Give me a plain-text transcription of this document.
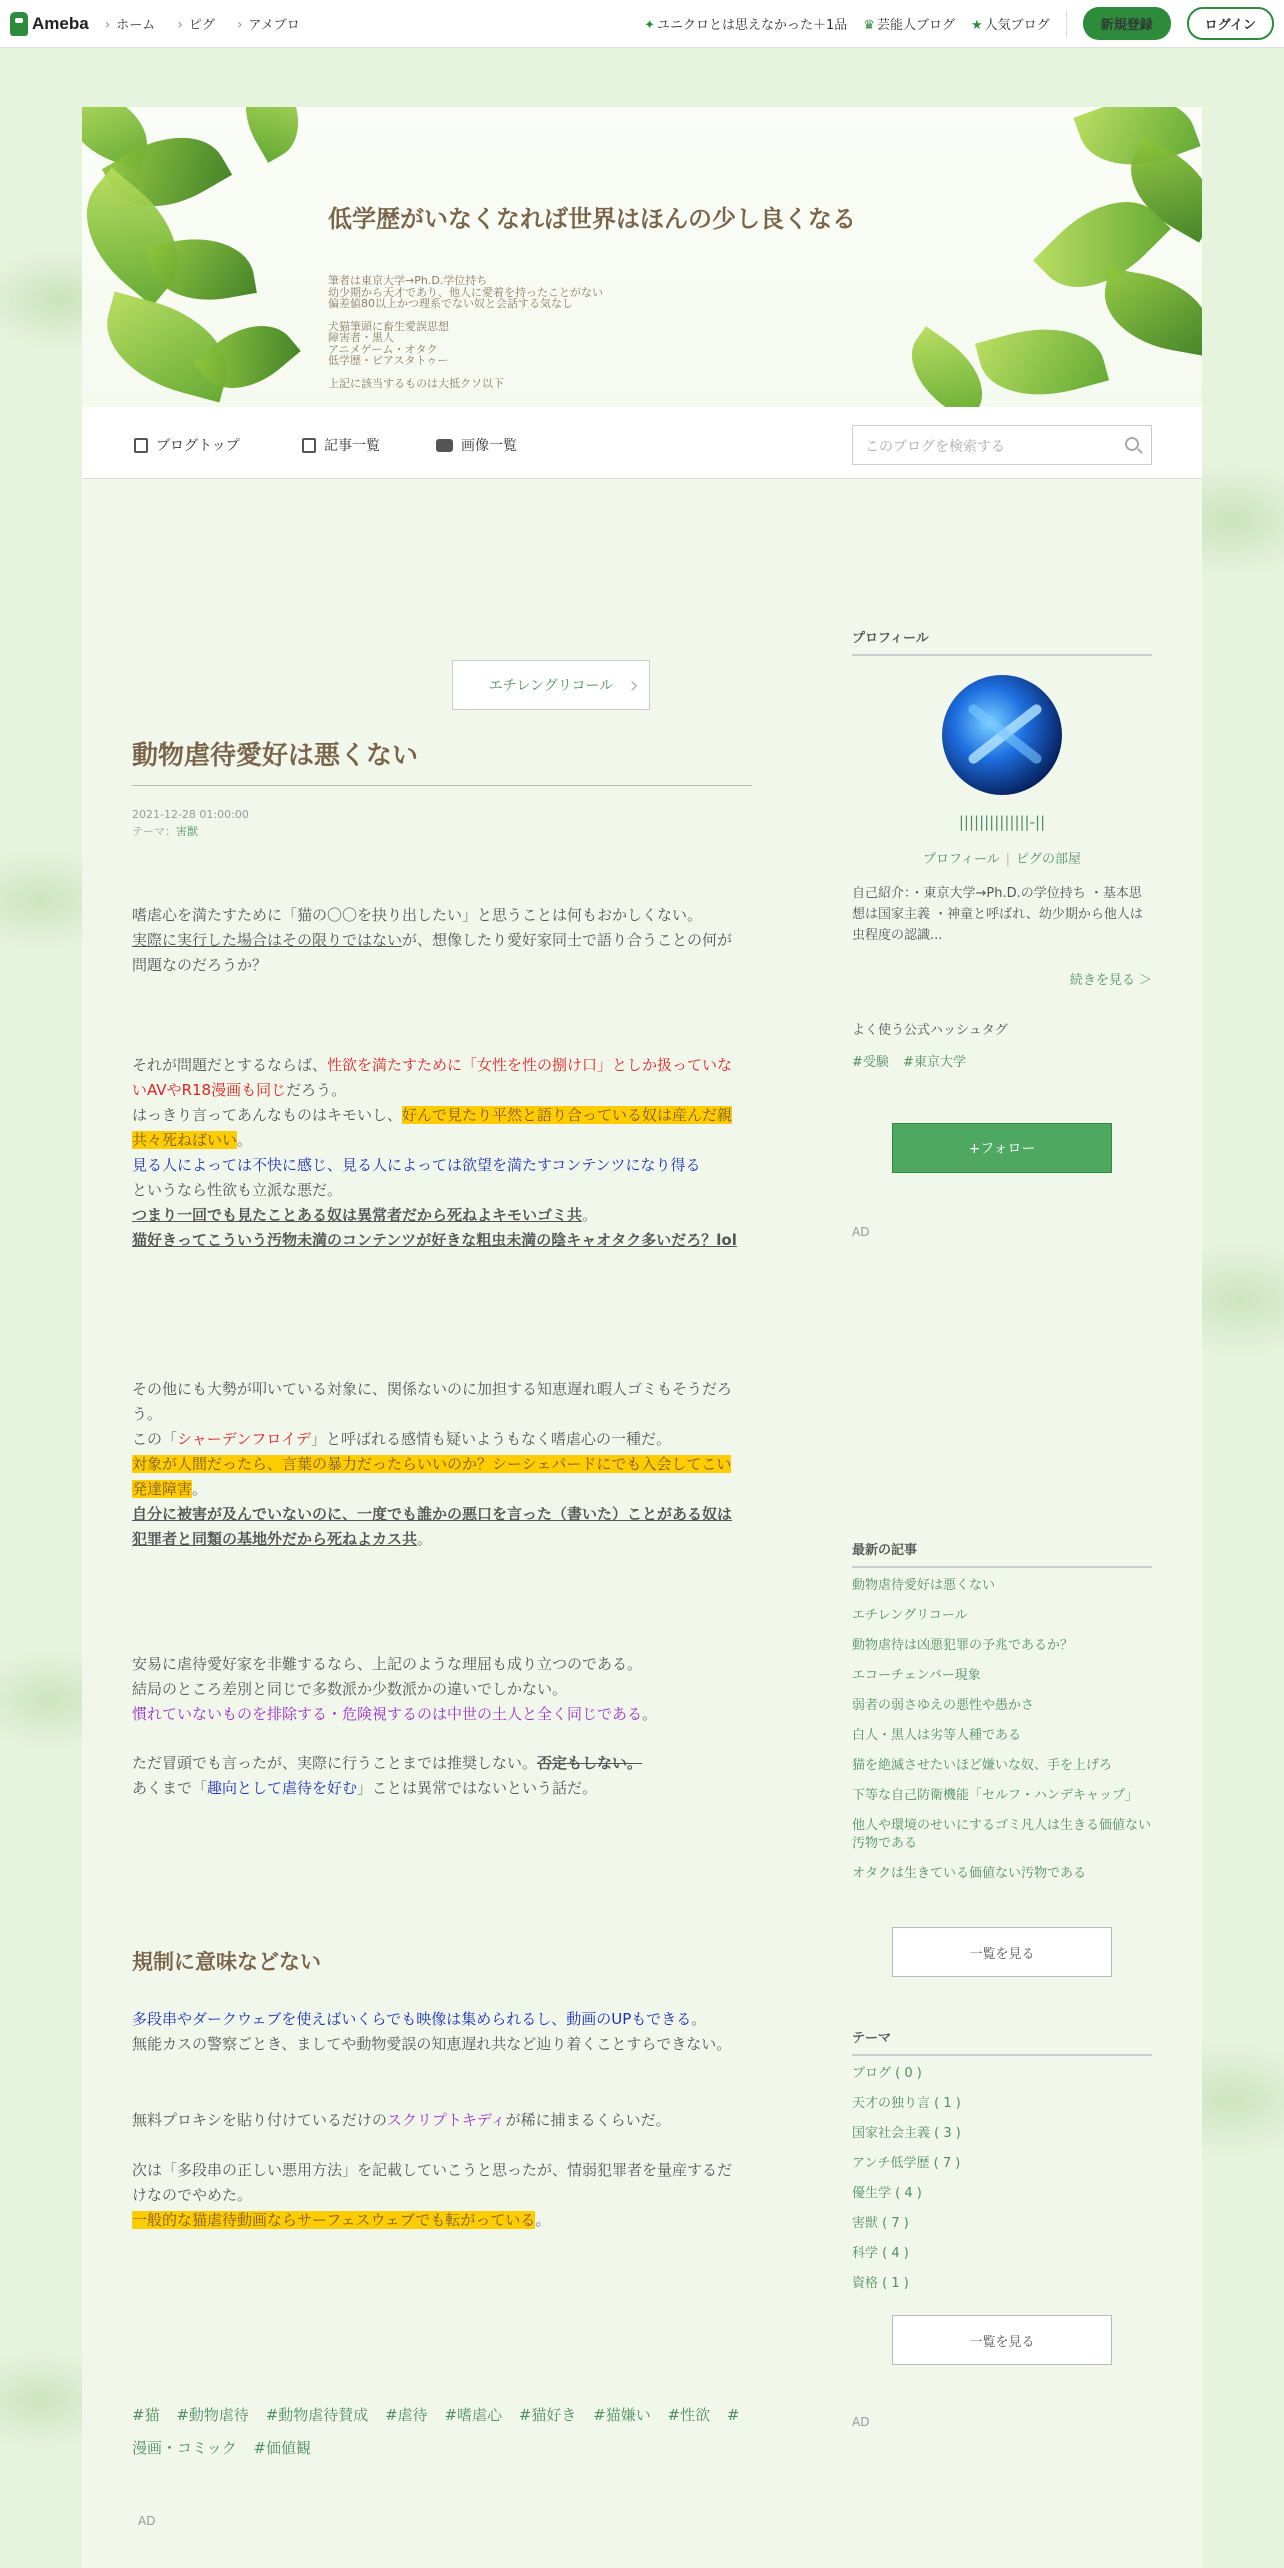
Ameba	› ホーム	› ピグ	› アメブロ	✦ ユニクロとは思えなかった＋1品 ♛ 芸能人ブログ ★ 人気ブログ	新規登録	ログイン
低学歴がいなくなれば世界はほんの少し良くなる

筆者は東京大学→Ph.D.学位持ち

幼少期から天才であり、他人に愛着を持ったことがない

偏差値80以上かつ理系でない奴と会話する気なし

犬猫筆頭に畜生愛誤思想

障害者・黒人

アニメゲーム・オタク

低学歴・ピアスタトゥー

上記に該当するものは大抵クソ以下

ブログトップ	記事一覧	画像一覧	このブログを検索する
エチレングリコール ›
動物虐待愛好は悪くない
2021-12-28 01:00:00
テーマ：害獣
嗜虐心を満たすために「猫の〇〇を抉り出したい」と思うことは何もおかしくない。
実際に実行した場合はその限りではないが、想像したり愛好家同士で語り合うことの何が問題なのだろうか？
それが問題だとするならば、性欲を満たすために「女性を性の捌け口」としか扱っていないAVやR18漫画も同じだろう。
はっきり言ってあんなものはキモいし、好んで見たり平然と語り合っている奴は産んだ親共々死ねばいい。
見る人によっては不快に感じ、見る人によっては欲望を満たすコンテンツになり得る
というなら性欲も立派な悪だ。
つまり一回でも見たことある奴は異常者だから死ねよキモいゴミ共。
猫好きってこういう汚物未満のコンテンツが好きな粗虫未満の陰キャオタク多いだろ？lol
その他にも大勢が叩いている対象に、関係ないのに加担する知恵遅れ暇人ゴミもそうだろう。
この「シャーデンフロイデ」と呼ばれる感情も疑いようもなく嗜虐心の一種だ。
対象が人間だったら、言葉の暴力だったらいいのか？シーシェパードにでも入会してこい発達障害。
自分に被害が及んでいないのに、一度でも誰かの悪口を言った（書いた）ことがある奴は犯罪者と同類の基地外だから死ねよカス共。
安易に虐待愛好家を非難するなら、上記のような理屈も成り立つのである。
結局のところ差別と同じで多数派か少数派かの違いでしかない。
慣れていないものを排除する・危険視するのは中世の土人と全く同じである。
ただ冒頭でも言ったが、実際に行うことまでは推奨しない。否定もしない。
あくまで「趣向として虐待を好む」ことは異常ではないという話だ。
規制に意味などない
多段串やダークウェブを使えばいくらでも映像は集められるし、動画のUPもできる。
無能カスの警察ごとき、ましてや動物愛誤の知恵遅れ共など辿り着くことすらできない。
無料プロキシを貼り付けているだけのスクリプトキディが稀に捕まるくらいだ。
次は「多段串の正しい悪用方法」を記載していこうと思ったが、情弱犯罪者を量産するだけなのでやめた。
一般的な猫虐待動画ならサーフェスウェブでも転がっている。
#猫 #動物虐待 #動物虐待賛成 #虐待 #嗜虐心 #猫好き #猫嫌い #性欲 #漫画・コミック #価値観
AD
プロフィール
||||||||||||||-||
プロフィール | ピグの部屋
自己紹介：・東京大学→Ph.D.の学位持ち ・基本思想は国家主義 ・神童と呼ばれ、幼少期から他人は虫程度の認識...
続きを見る ＞
よく使う公式ハッシュタグ
#受験 #東京大学
+フォロー
AD
最新の記事
動物虐待愛好は悪くない
エチレングリコール
動物虐待は凶悪犯罪の予兆であるか？
エコーチェンバー現象
弱者の弱さゆえの悪性や愚かさ
白人・黒人は劣等人種である
猫を絶滅させたいほど嫌いな奴、手を上げろ
下等な自己防衛機能「セルフ・ハンデキャップ」
他人や環境のせいにするゴミ凡人は生きる価値ない汚物である
オタクは生きている価値ない汚物である
一覧を見る
テーマ
ブログ ( 0 )
天才の独り言 ( 1 )
国家社会主義 ( 3 )
アンチ低学歴 ( 7 )
優生学 ( 4 )
害獣 ( 7 )
科学 ( 4 )
資格 ( 1 )
一覧を見る
AD
